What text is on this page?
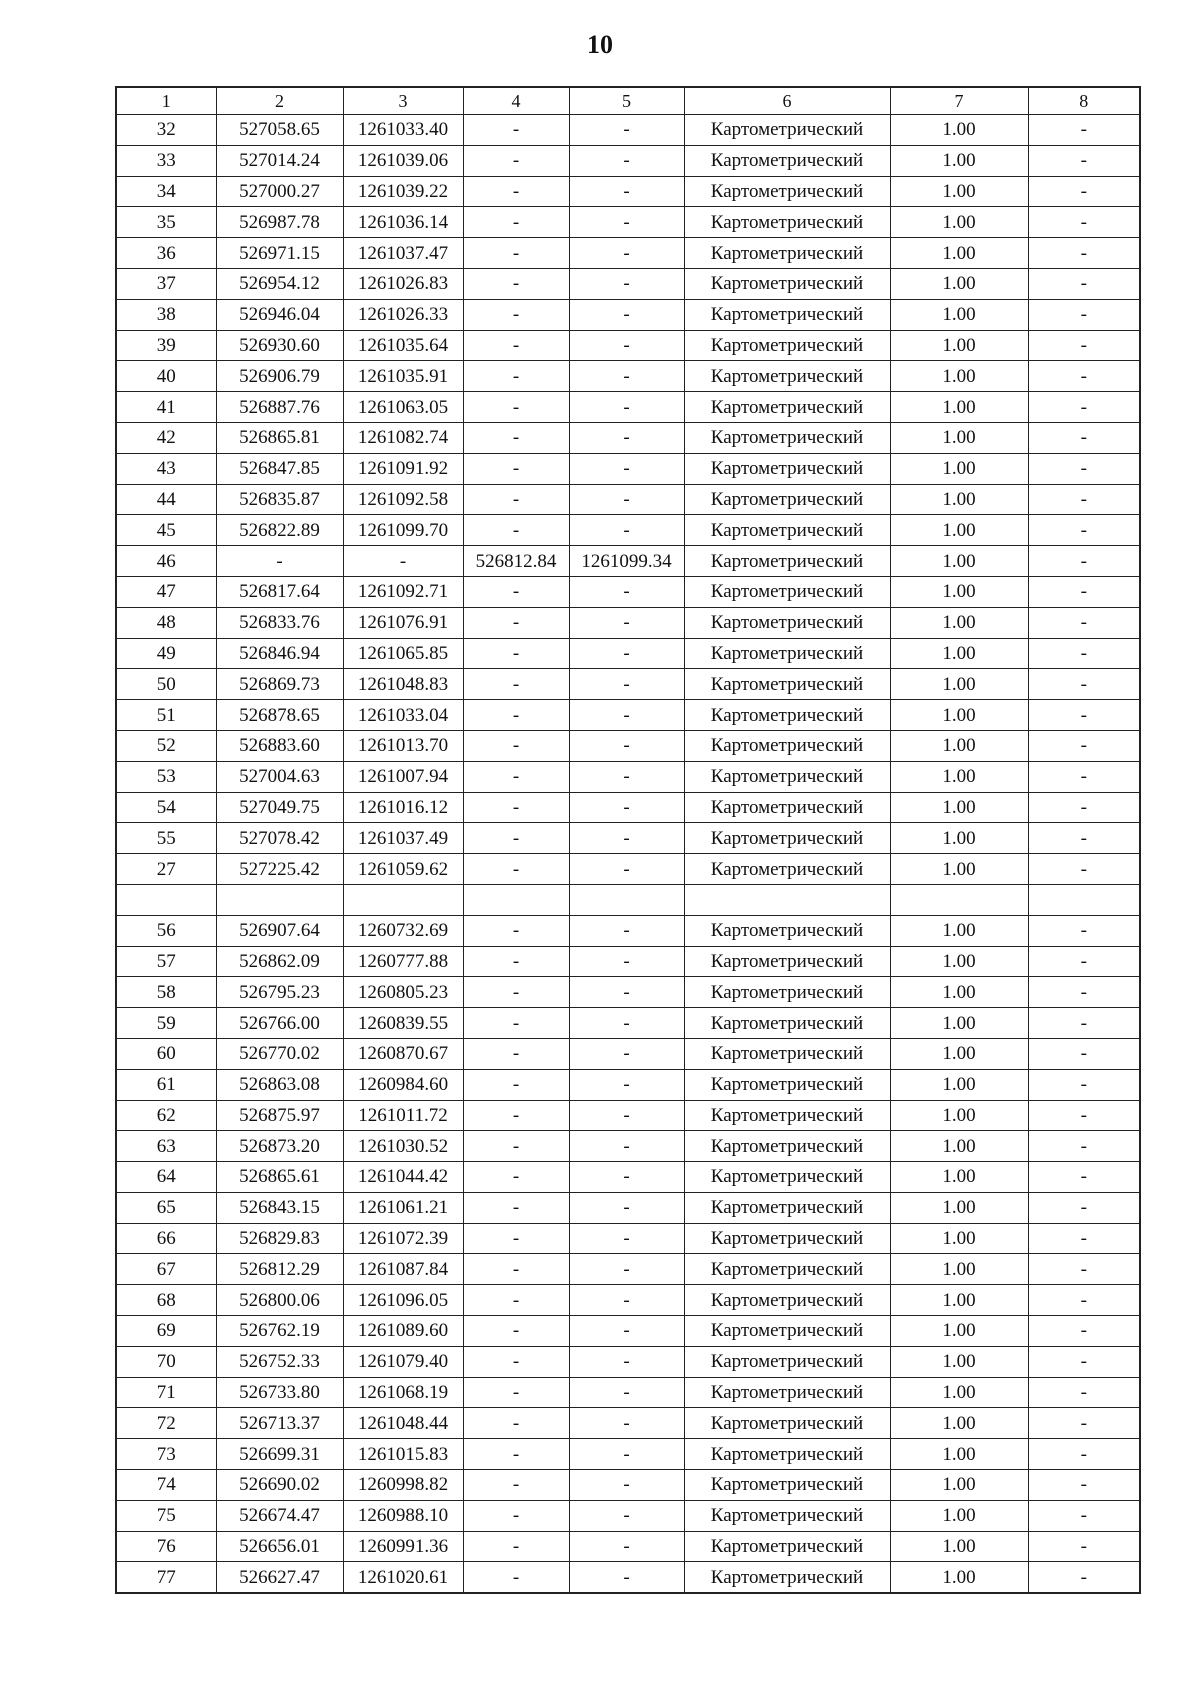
10
1	2	3	4	5	6	7	8
32	527058.65	1261033.40	-	-	Картометрический	1.00	-
33	527014.24	1261039.06	-	-	Картометрический	1.00	-
34	527000.27	1261039.22	-	-	Картометрический	1.00	-
35	526987.78	1261036.14	-	-	Картометрический	1.00	-
36	526971.15	1261037.47	-	-	Картометрический	1.00	-
37	526954.12	1261026.83	-	-	Картометрический	1.00	-
38	526946.04	1261026.33	-	-	Картометрический	1.00	-
39	526930.60	1261035.64	-	-	Картометрический	1.00	-
40	526906.79	1261035.91	-	-	Картометрический	1.00	-
41	526887.76	1261063.05	-	-	Картометрический	1.00	-
42	526865.81	1261082.74	-	-	Картометрический	1.00	-
43	526847.85	1261091.92	-	-	Картометрический	1.00	-
44	526835.87	1261092.58	-	-	Картометрический	1.00	-
45	526822.89	1261099.70	-	-	Картометрический	1.00	-
46	-	-	526812.84	1261099.34	Картометрический	1.00	-
47	526817.64	1261092.71	-	-	Картометрический	1.00	-
48	526833.76	1261076.91	-	-	Картометрический	1.00	-
49	526846.94	1261065.85	-	-	Картометрический	1.00	-
50	526869.73	1261048.83	-	-	Картометрический	1.00	-
51	526878.65	1261033.04	-	-	Картометрический	1.00	-
52	526883.60	1261013.70	-	-	Картометрический	1.00	-
53	527004.63	1261007.94	-	-	Картометрический	1.00	-
54	527049.75	1261016.12	-	-	Картометрический	1.00	-
55	527078.42	1261037.49	-	-	Картометрический	1.00	-
27	527225.42	1261059.62	-	-	Картометрический	1.00	-

56	526907.64	1260732.69	-	-	Картометрический	1.00	-
57	526862.09	1260777.88	-	-	Картометрический	1.00	-
58	526795.23	1260805.23	-	-	Картометрический	1.00	-
59	526766.00	1260839.55	-	-	Картометрический	1.00	-
60	526770.02	1260870.67	-	-	Картометрический	1.00	-
61	526863.08	1260984.60	-	-	Картометрический	1.00	-
62	526875.97	1261011.72	-	-	Картометрический	1.00	-
63	526873.20	1261030.52	-	-	Картометрический	1.00	-
64	526865.61	1261044.42	-	-	Картометрический	1.00	-
65	526843.15	1261061.21	-	-	Картометрический	1.00	-
66	526829.83	1261072.39	-	-	Картометрический	1.00	-
67	526812.29	1261087.84	-	-	Картометрический	1.00	-
68	526800.06	1261096.05	-	-	Картометрический	1.00	-
69	526762.19	1261089.60	-	-	Картометрический	1.00	-
70	526752.33	1261079.40	-	-	Картометрический	1.00	-
71	526733.80	1261068.19	-	-	Картометрический	1.00	-
72	526713.37	1261048.44	-	-	Картометрический	1.00	-
73	526699.31	1261015.83	-	-	Картометрический	1.00	-
74	526690.02	1260998.82	-	-	Картометрический	1.00	-
75	526674.47	1260988.10	-	-	Картометрический	1.00	-
76	526656.01	1260991.36	-	-	Картометрический	1.00	-
77	526627.47	1261020.61	-	-	Картометрический	1.00	-
